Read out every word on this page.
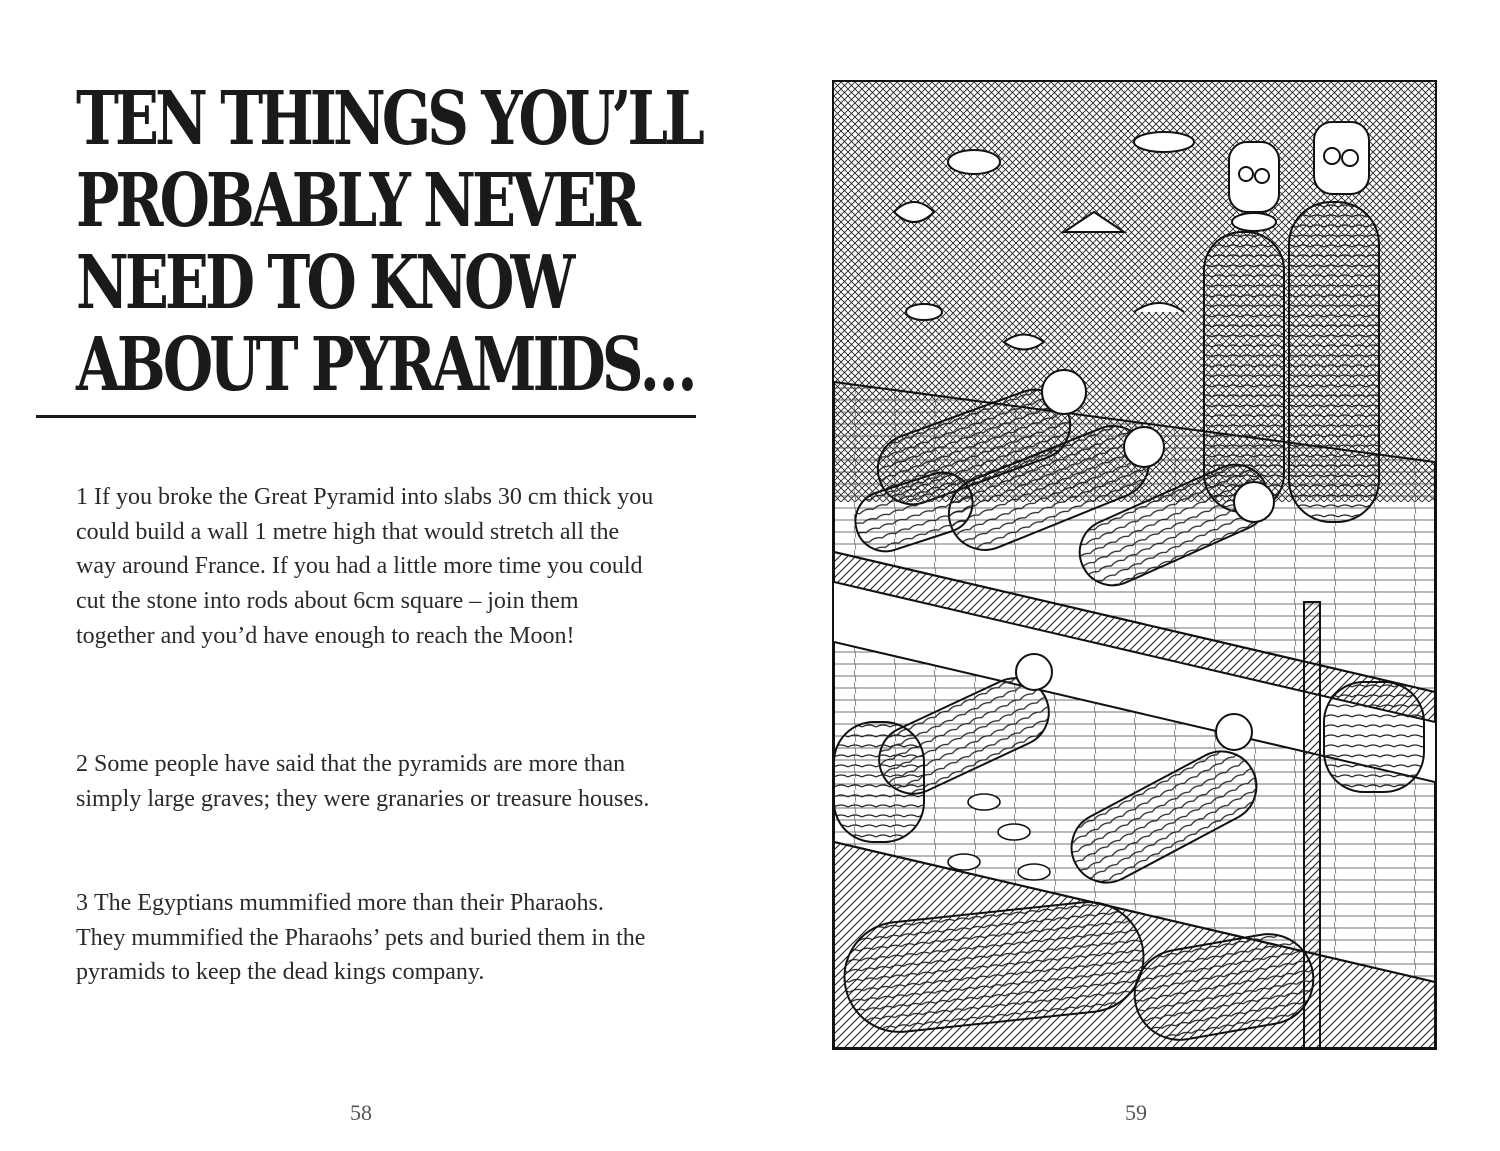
TEN THINGS YOU’LL
PROBABLY NEVER
NEED TO KNOW
ABOUT PYRAMIDS…

1 If you broke the Great Pyramid into slabs 30 cm thick you could build a wall 1 metre high that would stretch all the way around France. If you had a little more time you could cut the stone into rods about 6cm square – join them together and you’d have enough to reach the Moon!

2 Some people have said that the pyramids are more than simply large graves; they were granaries or treasure houses.

3 The Egyptians mummified more than their Pharaohs. They mummified the Pharaohs’ pets and buried them in the pyramids to keep the dead kings company.

58	59
